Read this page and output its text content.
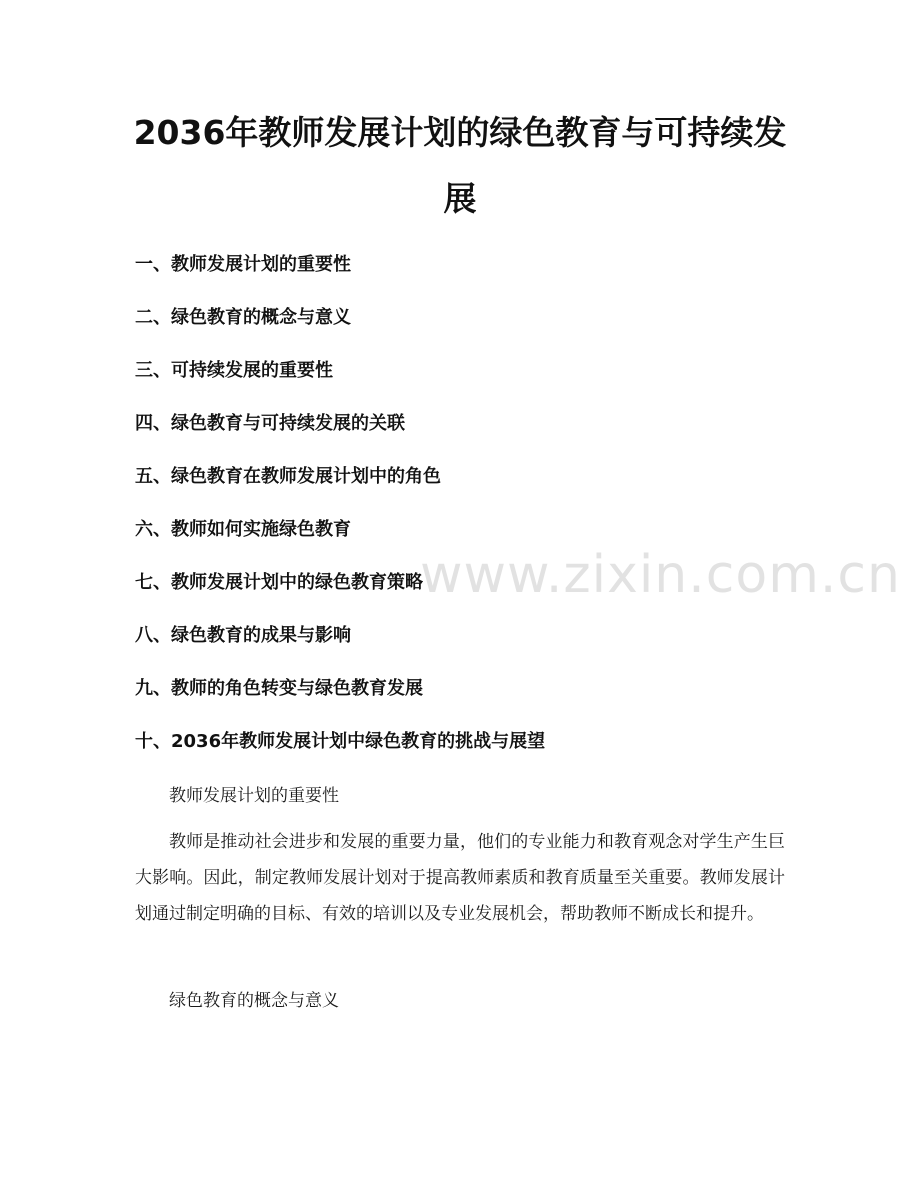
2036年教师发展计划的绿色教育与可持续发展
一、教师发展计划的重要性
二、绿色教育的概念与意义
三、可持续发展的重要性
四、绿色教育与可持续发展的关联
五、绿色教育在教师发展计划中的角色
六、教师如何实施绿色教育
七、教师发展计划中的绿色教育策略
八、绿色教育的成果与影响
九、教师的角色转变与绿色教育发展
十、2036年教师发展计划中绿色教育的挑战与展望

教师发展计划的重要性

教师是推动社会进步和发展的重要力量，他们的专业能力和教育观念对学生产生巨大影响。因此，制定教师发展计划对于提高教师素质和教育质量至关重要。教师发展计划通过制定明确的目标、有效的培训以及专业发展机会，帮助教师不断成长和提升。

绿色教育的概念与意义

www.zixin.com.cn
